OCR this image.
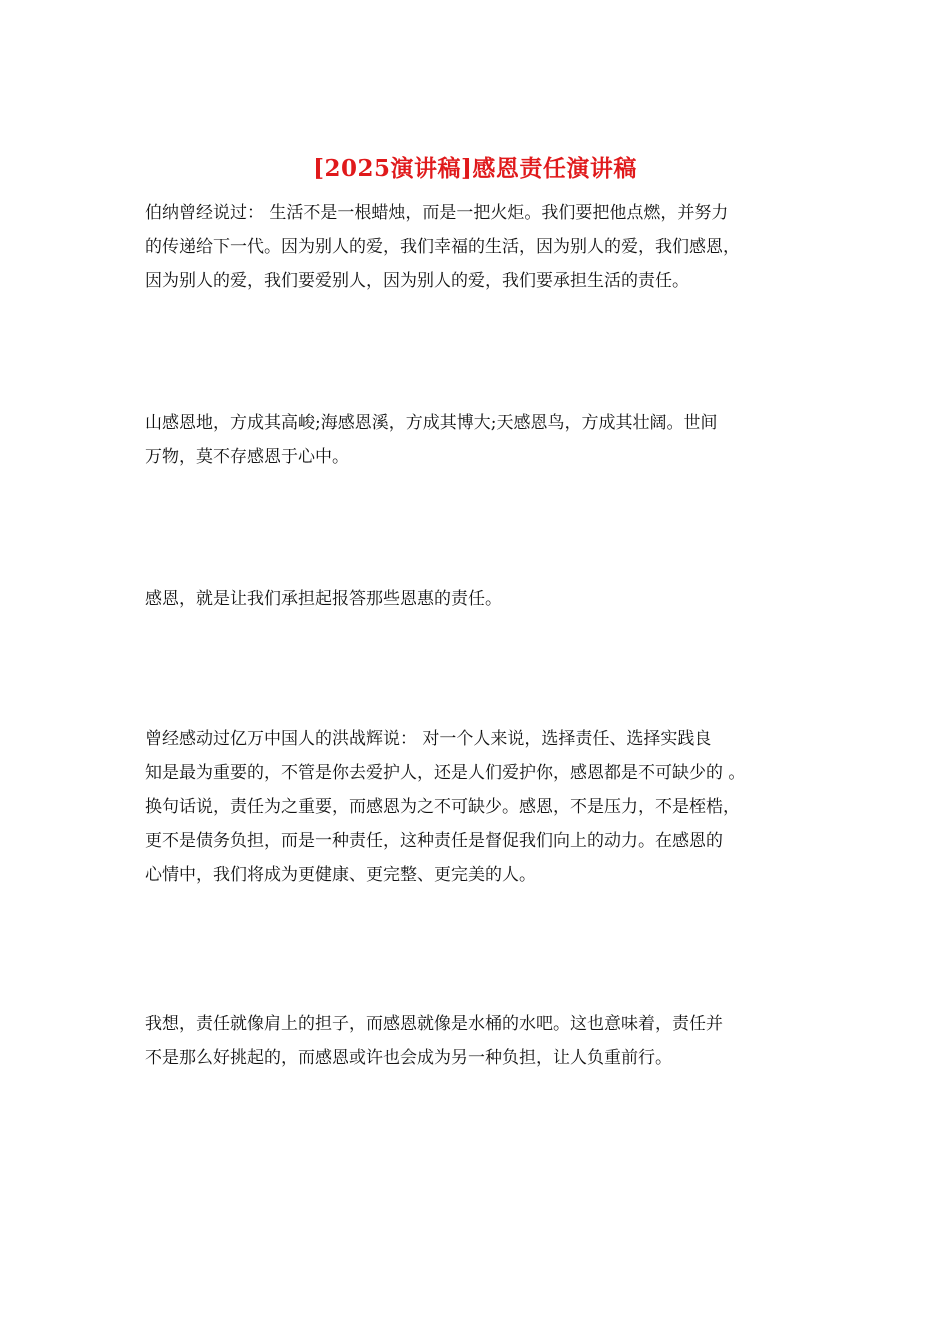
[2025演讲稿]感恩责任演讲稿
伯纳曾经说过： 生活不是一根蜡烛，而是一把火炬。我们要把他点燃，并努力
的传递给下一代。因为别人的爱，我们幸福的生活，因为别人的爱，我们感恩，
因为别人的爱，我们要爱别人，因为别人的爱，我们要承担生活的责任。
山感恩地，方成其高峻;海感恩溪，方成其博大;天感恩鸟，方成其壮阔。世间
万物，莫不存感恩于心中。
感恩，就是让我们承担起报答那些恩惠的责任。
曾经感动过亿万中国人的洪战辉说： 对一个人来说，选择责任、选择实践良
知是最为重要的，不管是你去爱护人，还是人们爱护你，感恩都是不可缺少的 。
换句话说，责任为之重要，而感恩为之不可缺少。感恩，不是压力，不是桎梏，
更不是债务负担，而是一种责任，这种责任是督促我们向上的动力。在感恩的
心情中，我们将成为更健康、更完整、更完美的人。
我想，责任就像肩上的担子，而感恩就像是水桶的水吧。这也意味着，责任并
不是那么好挑起的，而感恩或许也会成为另一种负担，让人负重前行。
